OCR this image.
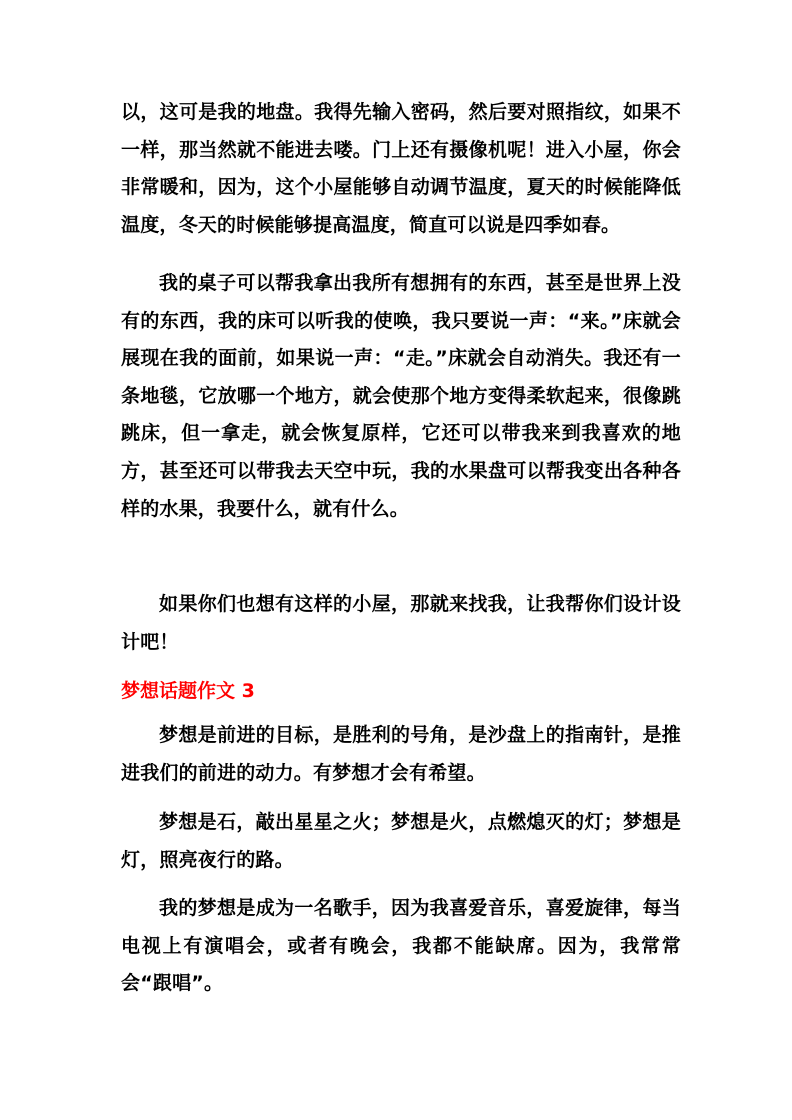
以，这可是我的地盘。我得先输入密码，然后要对照指纹，如果不一样，那当然就不能进去喽。门上还有摄像机呢！进入小屋，你会非常暖和，因为，这个小屋能够自动调节温度，夏天的时候能降低温度，冬天的时候能够提高温度，简直可以说是四季如春。

我的桌子可以帮我拿出我所有想拥有的东西，甚至是世界上没有的东西，我的床可以听我的使唤，我只要说一声：“来。”床就会展现在我的面前，如果说一声：“走。”床就会自动消失。我还有一条地毯，它放哪一个地方，就会使那个地方变得柔软起来，很像跳跳床，但一拿走，就会恢复原样，它还可以带我来到我喜欢的地方，甚至还可以带我去天空中玩，我的水果盘可以帮我变出各种各样的水果，我要什么，就有什么。

如果你们也想有这样的小屋，那就来找我，让我帮你们设计设计吧！

梦想话题作文 3

梦想是前进的目标，是胜利的号角，是沙盘上的指南针，是推进我们的前进的动力。有梦想才会有希望。

梦想是石，敲出星星之火；梦想是火，点燃熄灭的灯；梦想是灯，照亮夜行的路。

我的梦想是成为一名歌手，因为我喜爱音乐，喜爱旋律，每当电视上有演唱会，或者有晚会，我都不能缺席。因为，我常常会“跟唱”。
